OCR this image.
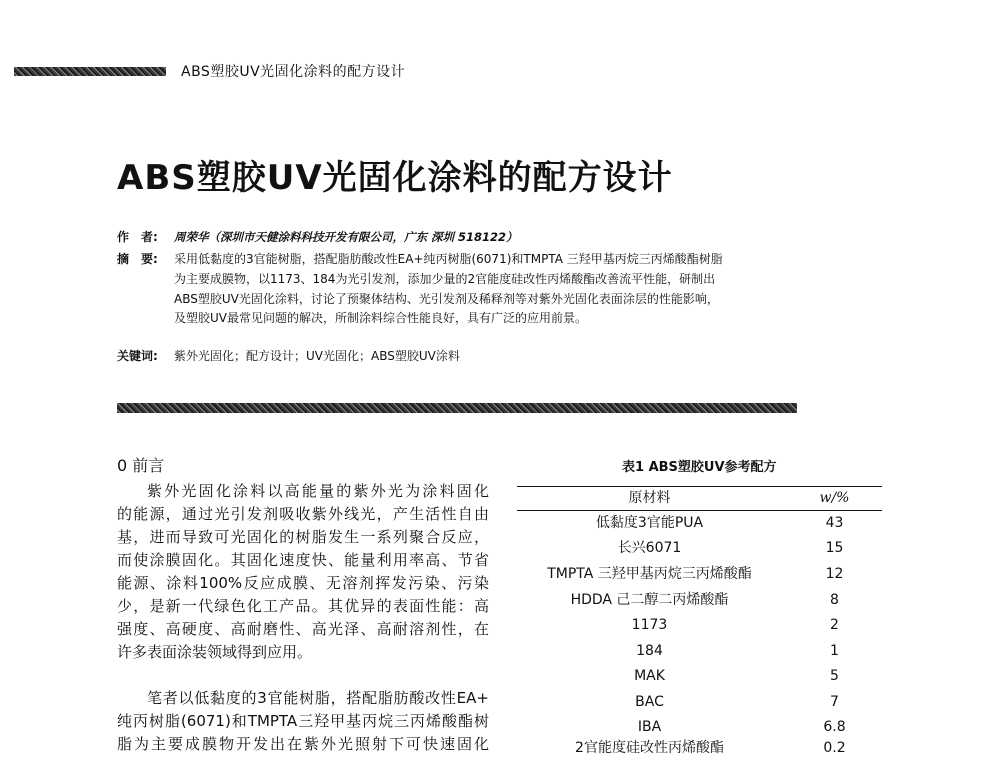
ABS塑胶UV光固化涂料的配方设计
ABS塑胶UV光固化涂料的配方设计
作　者: 周荣华（深圳市天健涂料科技开发有限公司，广东 深圳 518122）
摘　要: 采用低黏度的3官能树脂，搭配脂肪酸改性EA+纯丙树脂(6071)和TMPTA 三羟甲基丙烷三丙烯酸酯树脂
为主要成膜物，以1173、184为光引发剂，添加少量的2官能度硅改性丙烯酸酯改善流平性能，研制出
ABS塑胶UV光固化涂料，讨论了预聚体结构、光引发剂及稀释剂等对紫外光固化表面涂层的性能影响，
及塑胶UV最常见问题的解决，所制涂料综合性能良好，具有广泛的应用前景。
关键词: 紫外光固化；配方设计；UV光固化；ABS塑胶UV涂料
0 前言
紫外光固化涂料以高能量的紫外光为涂料固化
的能源，通过光引发剂吸收紫外线光，产生活性自由
基，进而导致可光固化的树脂发生一系列聚合反应，
而使涂膜固化。其固化速度快、能量利用率高、节省
能源、涂料100%反应成膜、无溶剂挥发污染、污染
少，是新一代绿色化工产品。其优异的表面性能：高
强度、高硬度、高耐磨性、高光泽、高耐溶剂性，在
许多表面涂装领域得到应用。
笔者以低黏度的3官能树脂，搭配脂肪酸改性EA+
纯丙树脂(6071)和TMPTA三羟甲基丙烷三丙烯酸酯树
脂为主要成膜物开发出在紫外光照射下可快速固化
表1 ABS塑胶UV参考配方
原材料	w/%
低黏度3官能PUA	43
长兴6071	15
TMPTA 三羟甲基丙烷三丙烯酸酯	12
HDDA 己二醇二丙烯酸酯	8
1173	2
184	1
MAK	5
BAC	7
IBA	6.8
2官能度硅改性丙烯酸酯	0.2
